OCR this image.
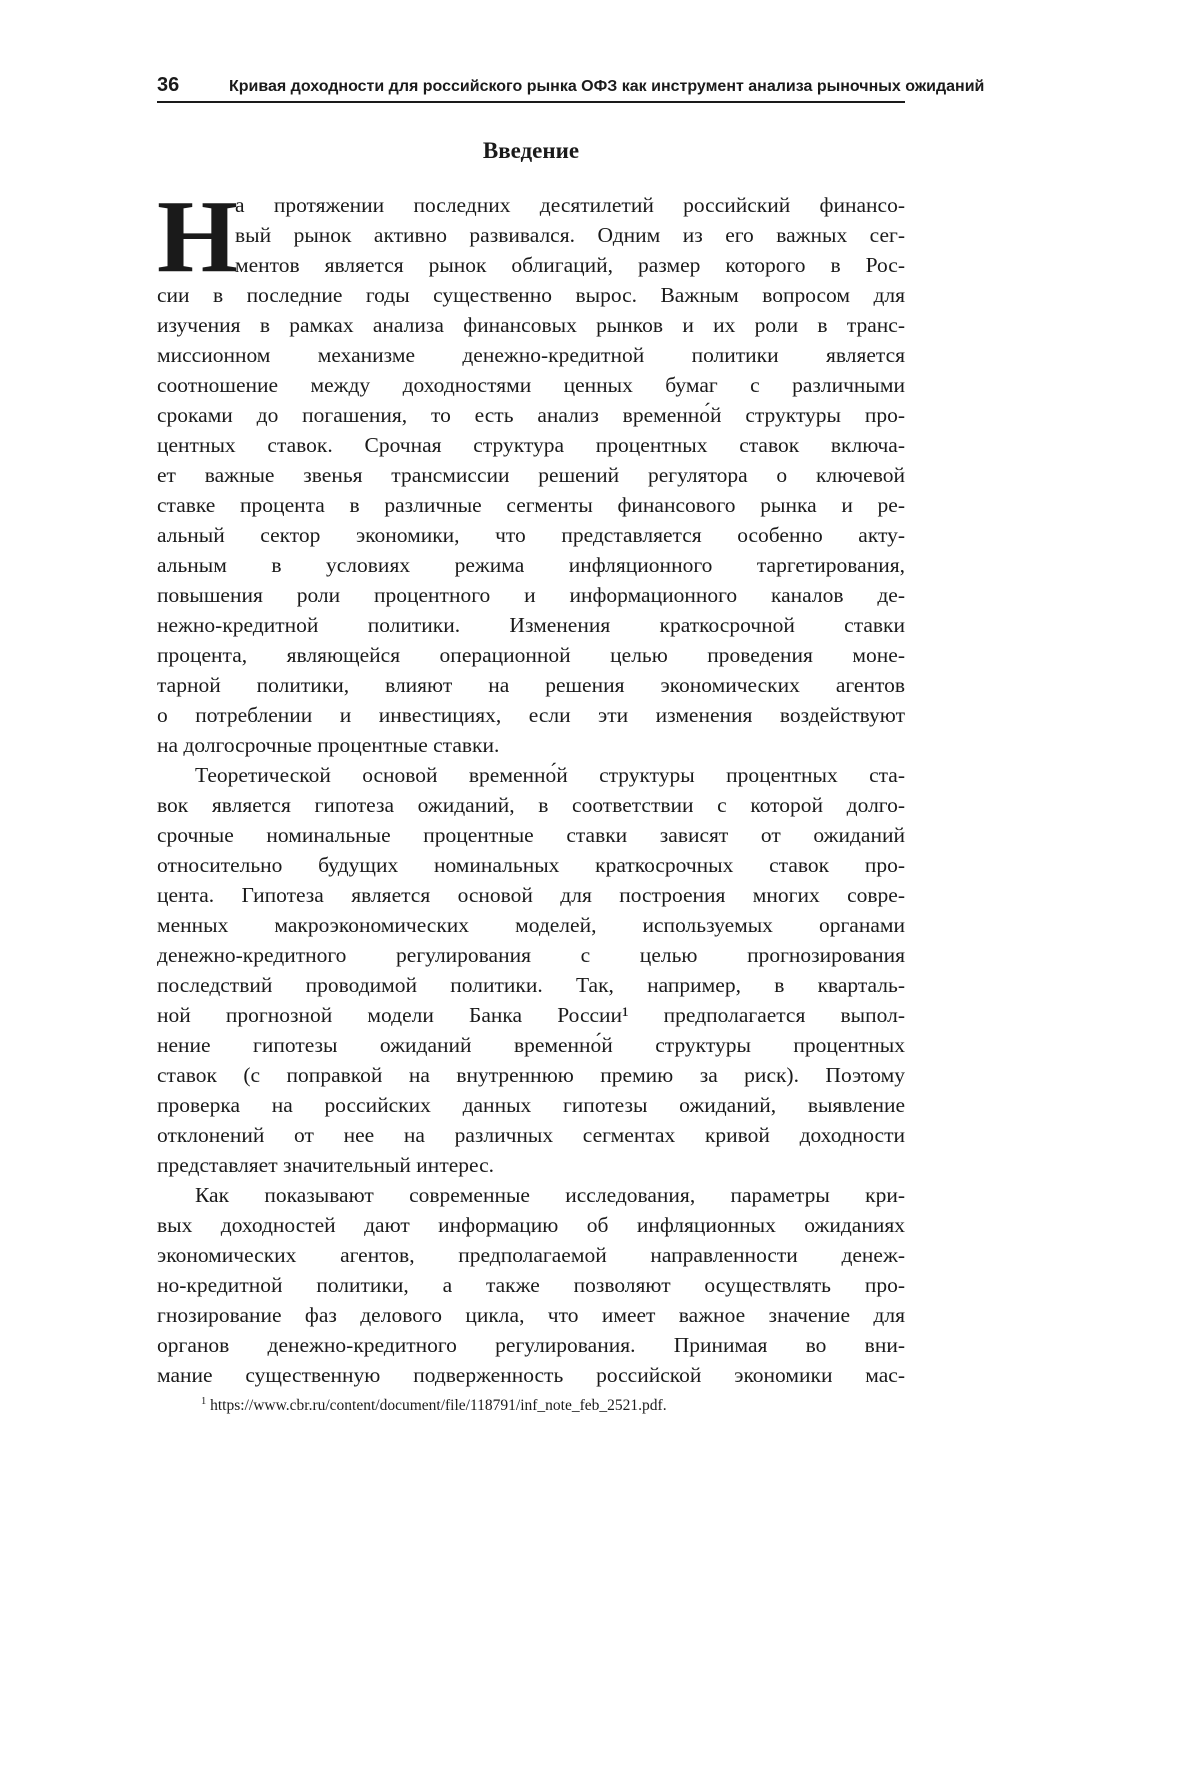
36	Кривая доходности для российского рынка ОФЗ как инструмент анализа рыночных ожиданий
Введение
Н а протяжении последних десятилетий российский финансо-
вый рынок активно развивался. Одним из его важных сег-
ментов является рынок облигаций, размер которого в Рос-
сии в последние годы существенно вырос. Важным вопросом для
изучения в рамках анализа финансовых рынков и их роли в транс-
миссионном механизме денежно-кредитной политики является
соотношение между доходностями ценных бумаг с различными
сроками до погашения, то есть анализ временно́й структуры про-
центных ставок. Срочная структура процентных ставок включа-
ет важные звенья трансмиссии решений регулятора о ключевой
ставке процента в различные сегменты финансового рынка и ре-
альный сектор экономики, что представляется особенно акту-
альным в условиях режима инфляционного таргетирования,
повышения роли процентного и информационного каналов де-
нежно-кредитной политики. Изменения краткосрочной ставки
процента, являющейся операционной целью проведения моне-
тарной политики, влияют на решения экономических агентов
о потреблении и инвестициях, если эти изменения воздействуют
на долгосрочные процентные ставки.
Теоретической основой временно́й структуры процентных ста-
вок является гипотеза ожиданий, в соответствии с которой долго-
срочные номинальные процентные ставки зависят от ожиданий
относительно будущих номинальных краткосрочных ставок про-
цента. Гипотеза является основой для построения многих совре-
менных макроэкономических моделей, используемых органами
денежно-кредитного регулирования с целью прогнозирования
последствий проводимой политики. Так, например, в кварталь-
ной прогнозной модели Банка России¹ предполагается выпол-
нение гипотезы ожиданий временно́й структуры процентных
ставок (с поправкой на внутреннюю премию за риск). Поэтому
проверка на российских данных гипотезы ожиданий, выявление
отклонений от нее на различных сегментах кривой доходности
представляет значительный интерес.
Как показывают современные исследования, параметры кри-
вых доходностей дают информацию об инфляционных ожиданиях
экономических агентов, предполагаемой направленности денеж-
но-кредитной политики, а также позволяют осуществлять про-
гнозирование фаз делового цикла, что имеет важное значение для
органов денежно-кредитного регулирования. Принимая во вни-
мание существенную подверженность российской экономики мас-
$^1$ https://www.cbr.ru/content/document/file/118791/inf_note_feb_2521.pdf.
